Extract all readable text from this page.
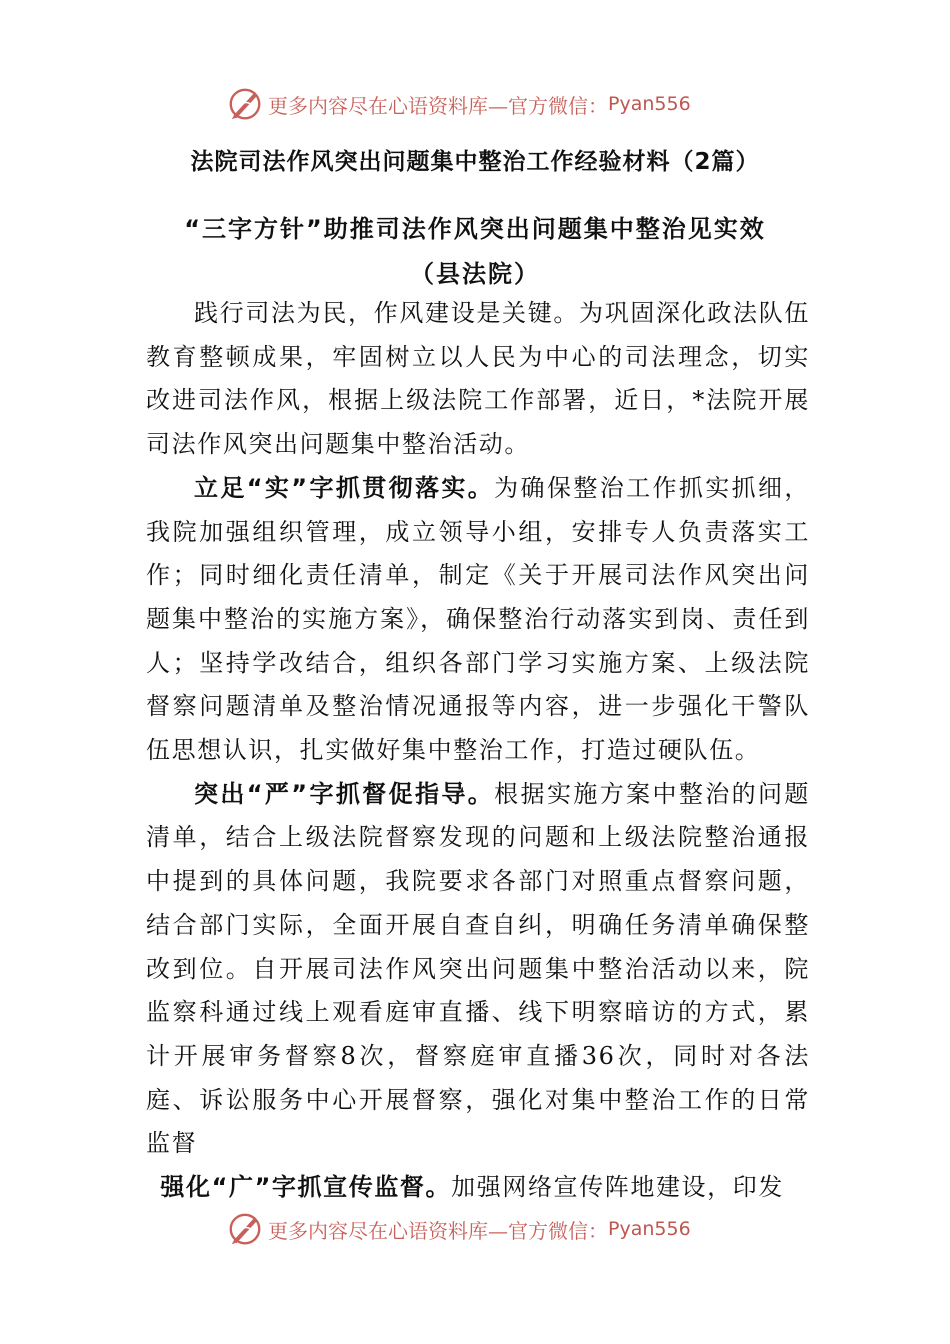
更多内容尽在心语资料库—官方微信： Pyan556
法院司法作风突出问题集中整治工作经验材料（2篇）
“三字方针”助推司法作风突出问题集中整治见实效
（县法院）

践行司法为民，作风建设是关键。为巩固深化政法队伍教育整顿成果，牢固树立以人民为中心的司法理念，切实改进司法作风，根据上级法院工作部署，近日，*法院开展司法作风突出问题集中整治活动。

立足“实”字抓贯彻落实。为确保整治工作抓实抓细，我院加强组织管理，成立领导小组，安排专人负责落实工作；同时细化责任清单，制定《关于开展司法作风突出问题集中整治的实施方案》，确保整治行动落实到岗、责任到人；坚持学改结合，组织各部门学习实施方案、上级法院督察问题清单及整治情况通报等内容，进一步强化干警队伍思想认识，扎实做好集中整治工作，打造过硬队伍。

突出“严”字抓督促指导。根据实施方案中整治的问题清单，结合上级法院督察发现的问题和上级法院整治通报中提到的具体问题，我院要求各部门对照重点督察问题，结合部门实际，全面开展自查自纠，明确任务清单确保整改到位。自开展司法作风突出问题集中整治活动以来，院监察科通过线上观看庭审直播、线下明察暗访的方式，累计开展审务督察8次，督察庭审直播36次，同时对各法庭、诉讼服务中心开展督察，强化对集中整治工作的日常监督

强化“广”字抓宣传监督。加强网络宣传阵地建设，印发

更多内容尽在心语资料库—官方微信： Pyan556
